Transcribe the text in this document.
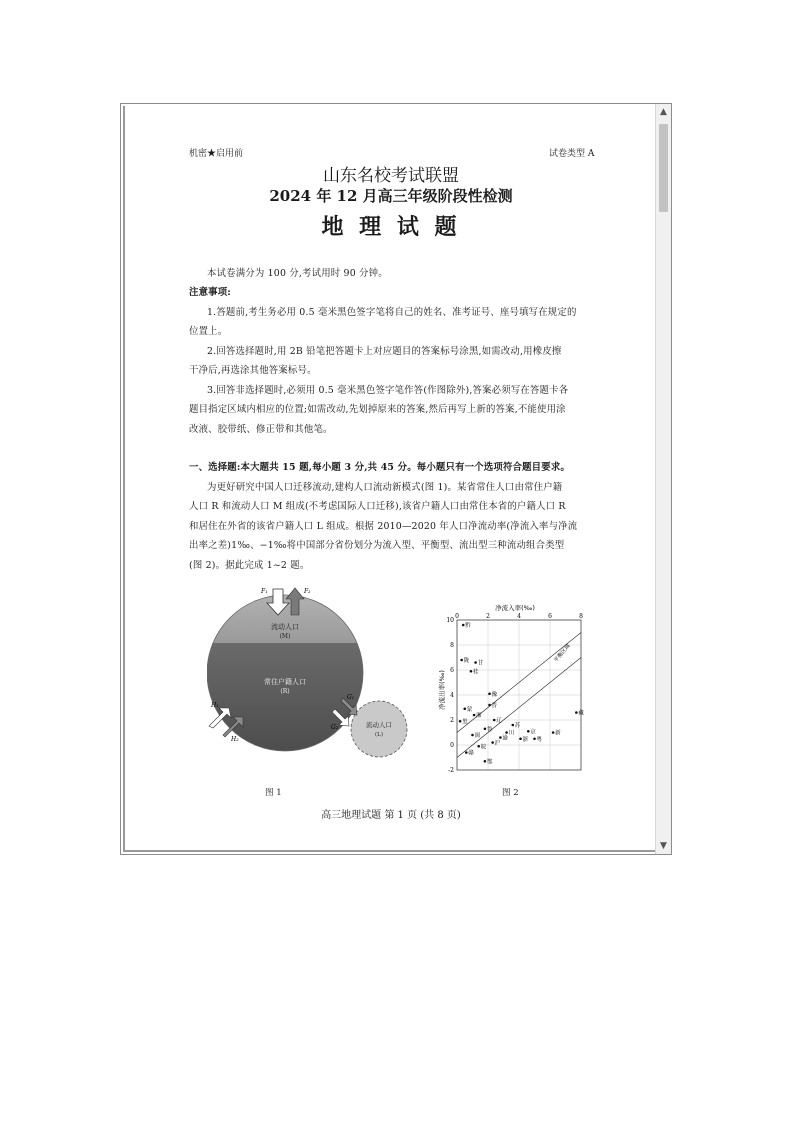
机密★启用前	试卷类型 A
山东名校考试联盟
2024 年 12 月高三年级阶段性检测
地 理 试 题
本试卷满分为 100 分,考试用时 90 分钟。
注意事项:
1.答题前,考生务必用 0.5 毫米黑色签字笔将自己的姓名、准考证号、座号填写在规定的
位置上。
2.回答选择题时,用 2B 铅笔把答题卡上对应题目的答案标号涂黑,如需改动,用橡皮擦
干净后,再选涂其他答案标号。
3.回答非选择题时,必须用 0.5 毫米黑色签字笔作答(作图除外),答案必须写在答题卡各
题目指定区域内相应的位置;如需改动,先划掉原来的答案,然后再写上新的答案,不能使用涂
改液、胶带纸、修正带和其他笔。
一、选择题:本大题共 15 题,每小题 3 分,共 45 分。每小题只有一个选项符合题目要求。
为更好研究中国人口迁移流动,建构人口流动新模式(图 1)。某省常住人口由常住户籍
人口 R 和流动人口 M 组成(不考虑国际人口迁移),该省户籍人口由常住本省的户籍人口 R
和居住在外省的该省户籍人口 L 组成。根据 2010—2020 年人口净流动率(净流入率与净流
出率之差)1‰、−1‰将中国部分省份划分为流入型、平衡型、流出型三种流动组合类型
(图 2)。据此完成 1~2 题。
F₁	F₂
流动人口
(M)
常住户籍人口
(R)
流动人口
(L)
H₁
H₂
G₁
G₂
图 1
净流入率(‰)
净流出率(‰)
0	2	4	6	8
10
8
6
4
2
0
-2
平衡区域
黔
甘
陇
桂
豫
蒙
湘
苏
鲁
晋
辽
京
浙 粤
新
藏
沪
闽
赣
鄂
皖
川
渝
黑
图 2
高三地理试题 第 1 页 (共 8 页)
▲
▼
